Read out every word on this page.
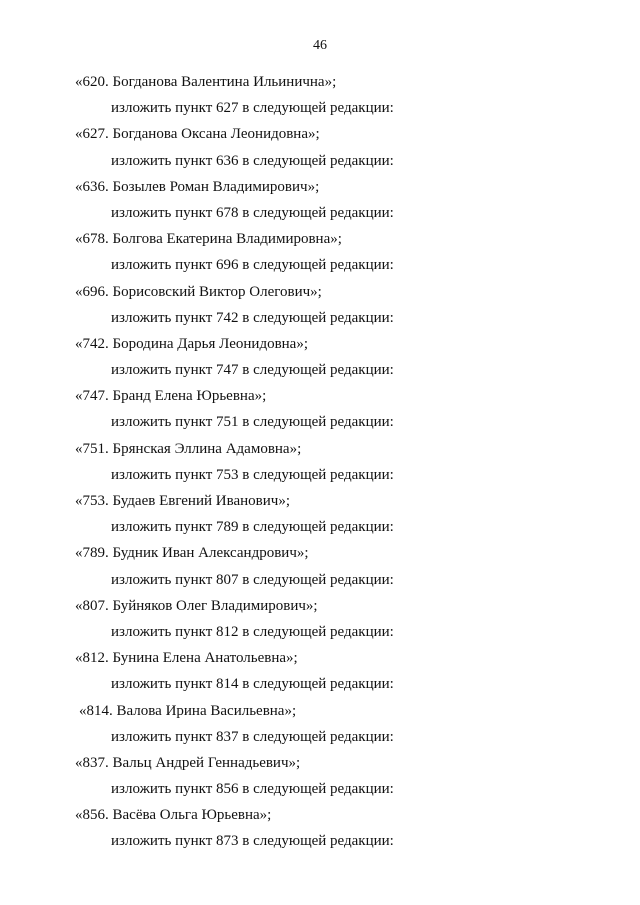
46
«620. Богданова Валентина Ильинична»;
изложить пункт 627 в следующей редакции:
«627. Богданова Оксана Леонидовна»;
изложить пункт 636 в следующей редакции:
«636. Бозылев Роман Владимирович»;
изложить пункт 678 в следующей редакции:
«678. Болгова Екатерина Владимировна»;
изложить пункт 696 в следующей редакции:
«696. Борисовский Виктор Олегович»;
изложить пункт 742 в следующей редакции:
«742. Бородина Дарья Леонидовна»;
изложить пункт 747 в следующей редакции:
«747. Бранд Елена Юрьевна»;
изложить пункт 751 в следующей редакции:
«751. Брянская Эллина Адамовна»;
изложить пункт 753 в следующей редакции:
«753. Будаев Евгений Иванович»;
изложить пункт 789 в следующей редакции:
«789. Будник Иван Александрович»;
изложить пункт 807 в следующей редакции:
«807. Буйняков Олег Владимирович»;
изложить пункт 812 в следующей редакции:
«812. Бунина Елена Анатольевна»;
изложить пункт 814 в следующей редакции:
«814. Валова Ирина Васильевна»;
изложить пункт 837 в следующей редакции:
«837. Вальц Андрей Геннадьевич»;
изложить пункт 856 в следующей редакции:
«856. Васёва Ольга Юрьевна»;
изложить пункт 873 в следующей редакции:
